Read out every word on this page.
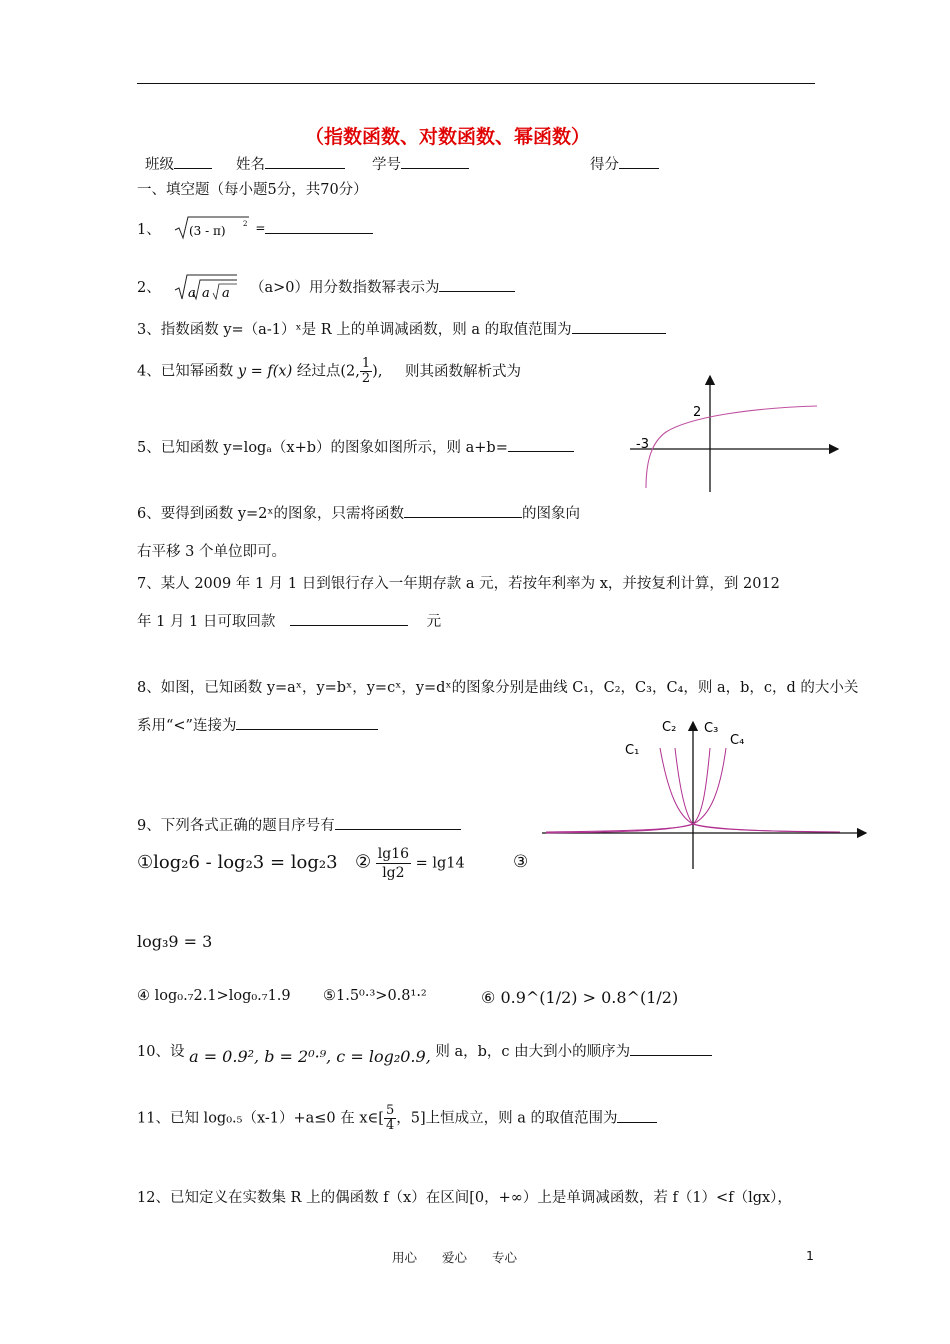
（指数函数、对数函数、幂函数）
班级	姓名	学号	得分
一、填空题（每小题5分，共70分）
1、 (3 - π) 2 =
2、 a a a （a>0）用分数指数幂表示为
3、指数函数 y=（a-1）ˣ是 R 上的单调减函数，则 a 的取值范围为
4、已知幂函数 y = f(x) 经过点(2, $\frac{1}{2}$ ), 则其函数解析式为
2
-3
5、已知函数 y=logₐ（x+b）的图象如图所示，则 a+b=
6、要得到函数 y=2ˣ的图象，只需将函数	的图象向
右平移 3 个单位即可。
7、某人 2009 年 1 月 1 日到银行存入一年期存款 a 元，若按年利率为 x，并按复利计算，到 2012
年 1 月 1 日可取回款	元
8、如图，已知函数 y=aˣ，y=bˣ，y=cˣ，y=dˣ的图象分别是曲线 C₁，C₂，C₃，C₄，则 a，b，c，d 的大小关
系用“<”连接为
C₁
C₂ C₃
C₄
9、下列各式正确的题目序号有
①log₂6 - log₂3 = log₂3 ② $\frac{\lg 16}{\lg 2} = \lg 14$	③
log₃9 = 3
④ log₀.₇2.1>log₀.₇1.9 ⑤1.5⁰·³>0.8¹·²	⑥ 0.9^(1/2) > 0.8^(1/2)
10、设 a = 0.9², b = 2⁰·⁹, c = log₂0.9, 则 a，b，c 由大到小的顺序为
11、已知 log₀.₅（x-1）+a≤0 在 x∈[ $\frac{5}{4}$ ，5]上恒成立，则 a 的取值范围为
12、已知定义在实数集 R 上的偶函数 f（x）在区间[0，+∞）上是单调减函数，若 f（1）<f（lgx），
用心　　爱心　　专心	1
